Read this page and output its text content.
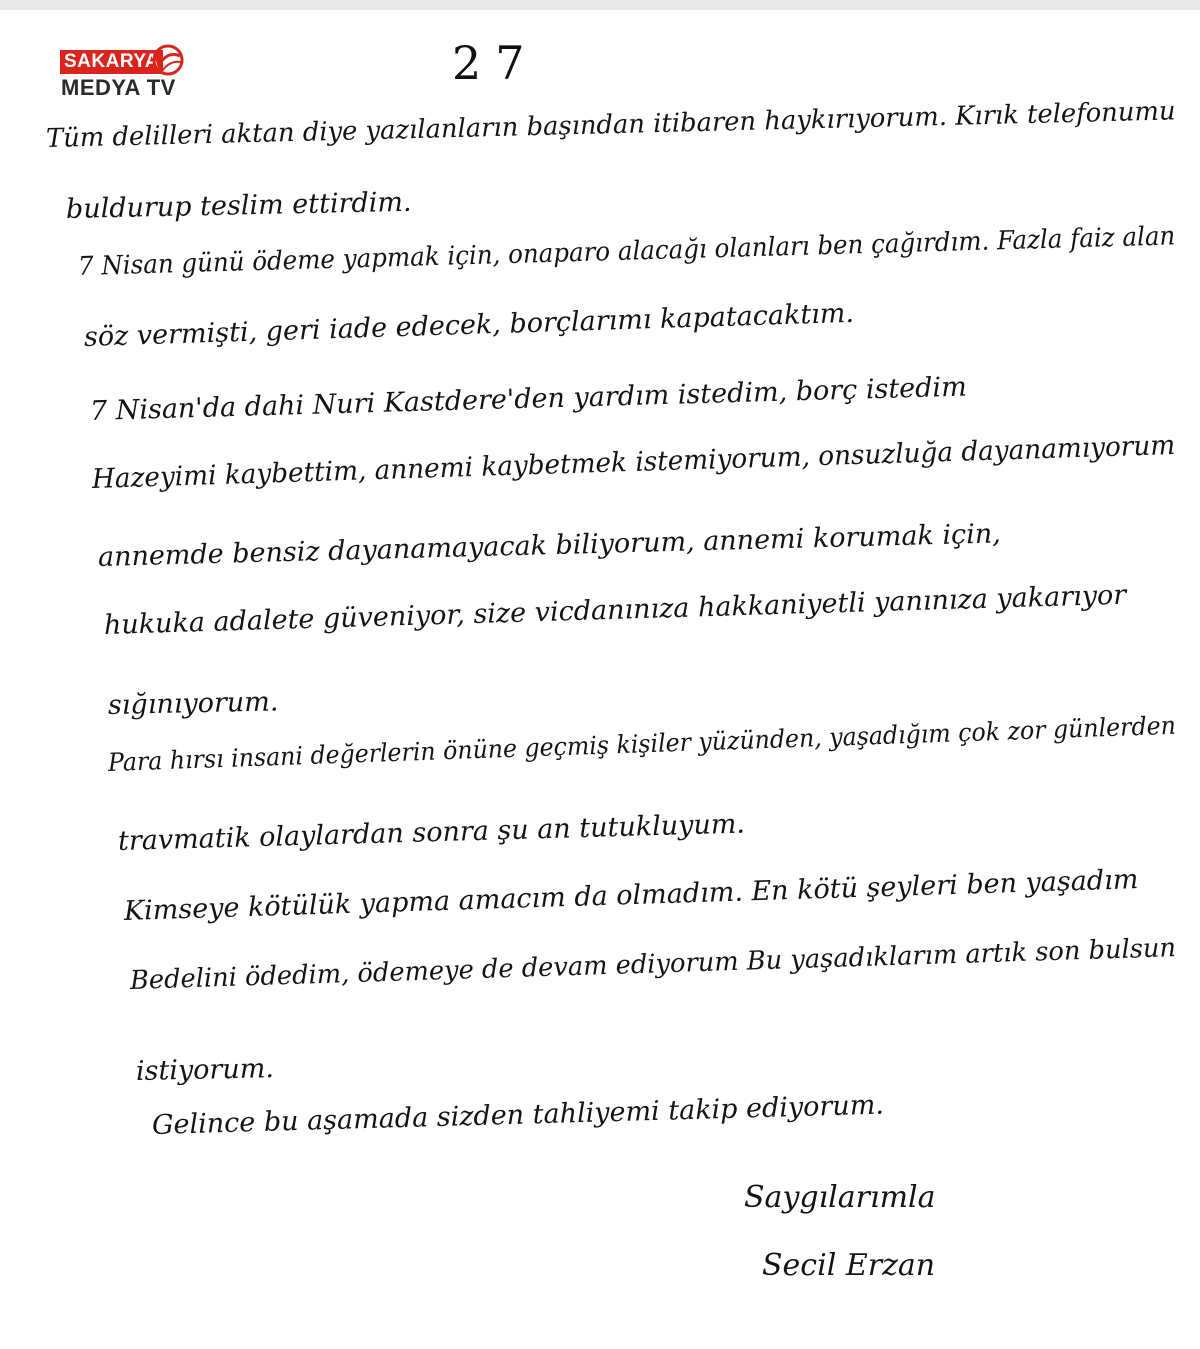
SAKARYA
MEDYA TV	27
Tüm delilleri aktan diye yazılanların başından itibaren haykırıyorum. Kırık telefonumu
buldurup teslim ettirdim.
7 Nisan günü ödeme yapmak için, onaparo alacağı olanları ben çağırdım. Fazla faiz alan
söz vermişti, geri iade edecek, borçlarımı kapatacaktım.
7 Nisan'da dahi Nuri Kastdere'den yardım istedim, borç istedim
Hazeyimi kaybettim, annemi kaybetmek istemiyorum, onsuzluğa dayanamıyorum
annemde bensiz dayanamayacak biliyorum, annemi korumak için,
hukuka adalete güveniyor, size vicdanınıza hakkaniyetli yanınıza yakarıyor
sığınıyorum.
Para hırsı insani değerlerin önüne geçmiş kişiler yüzünden, yaşadığım çok zor günlerden
travmatik olaylardan sonra şu an tutukluyum.
Kimseye kötülük yapma amacım da olmadım. En kötü şeyleri ben yaşadım
Bedelini ödedim, ödemeye de devam ediyorum Bu yaşadıklarım artık son bulsun
istiyorum.
Gelince bu aşamada sizden tahliyemi takip ediyorum.
Saygılarımla
Secil Erzan
